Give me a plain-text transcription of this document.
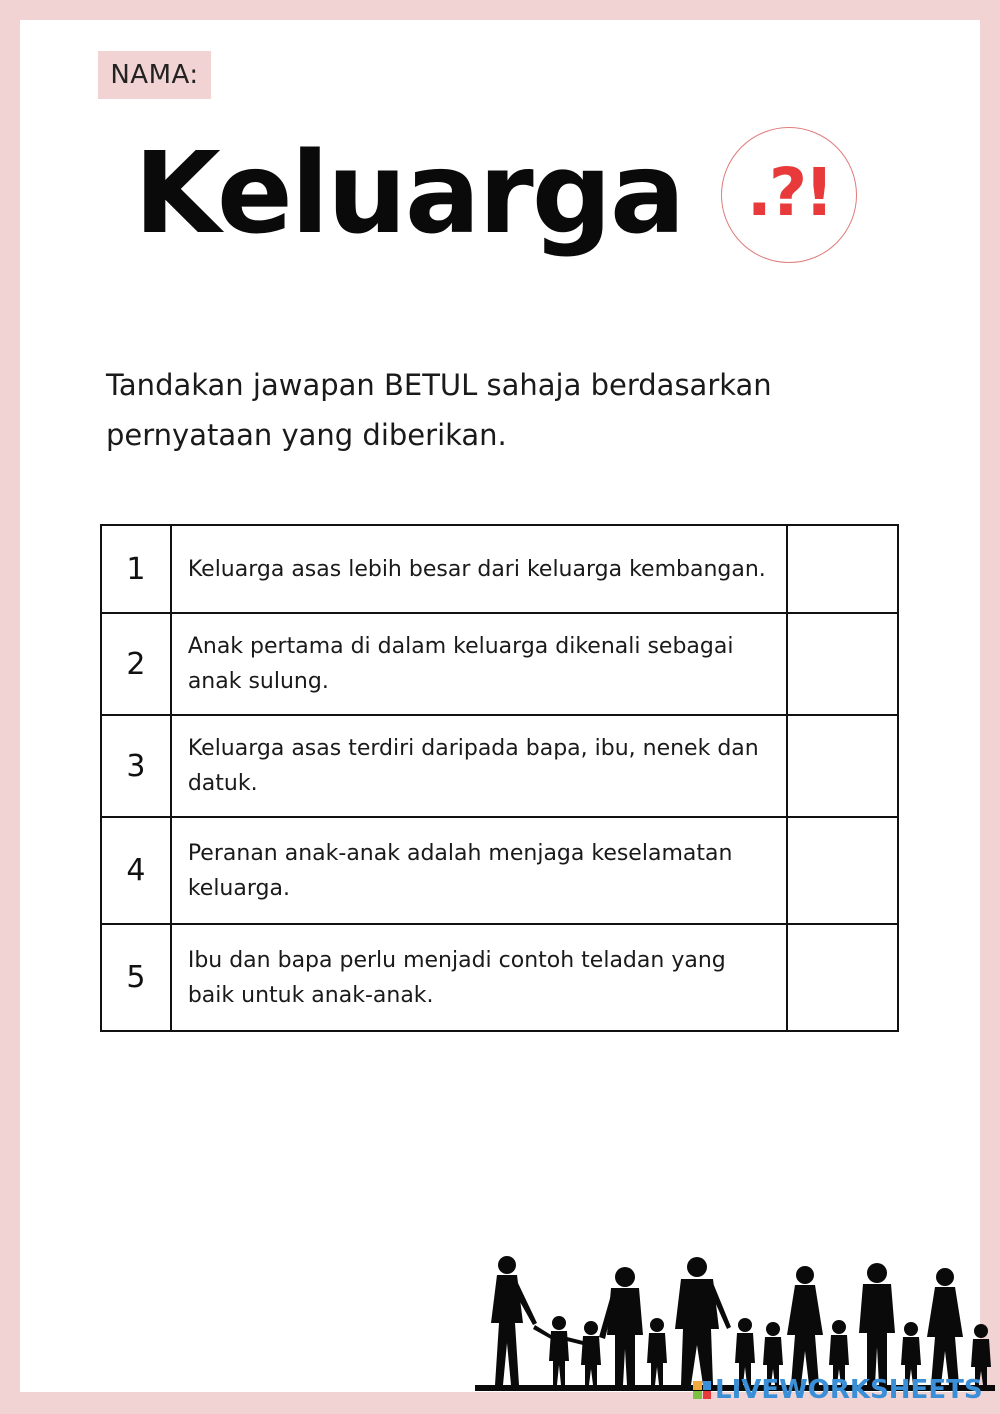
NAMA:
Keluarga .?!
Tandakan jawapan BETUL sahaja berdasarkan pernyataan yang diberikan.
1	Keluarga asas lebih besar dari keluarga kembangan.	
2	Anak pertama di dalam keluarga dikenali sebagai anak sulung.	
3	Keluarga asas terdiri daripada bapa, ibu, nenek dan datuk.	
4	Peranan anak-anak adalah menjaga keselamatan keluarga.	
5	Ibu dan bapa perlu menjadi contoh teladan yang baik untuk anak-anak.	
LIVEWORKSHEETS
